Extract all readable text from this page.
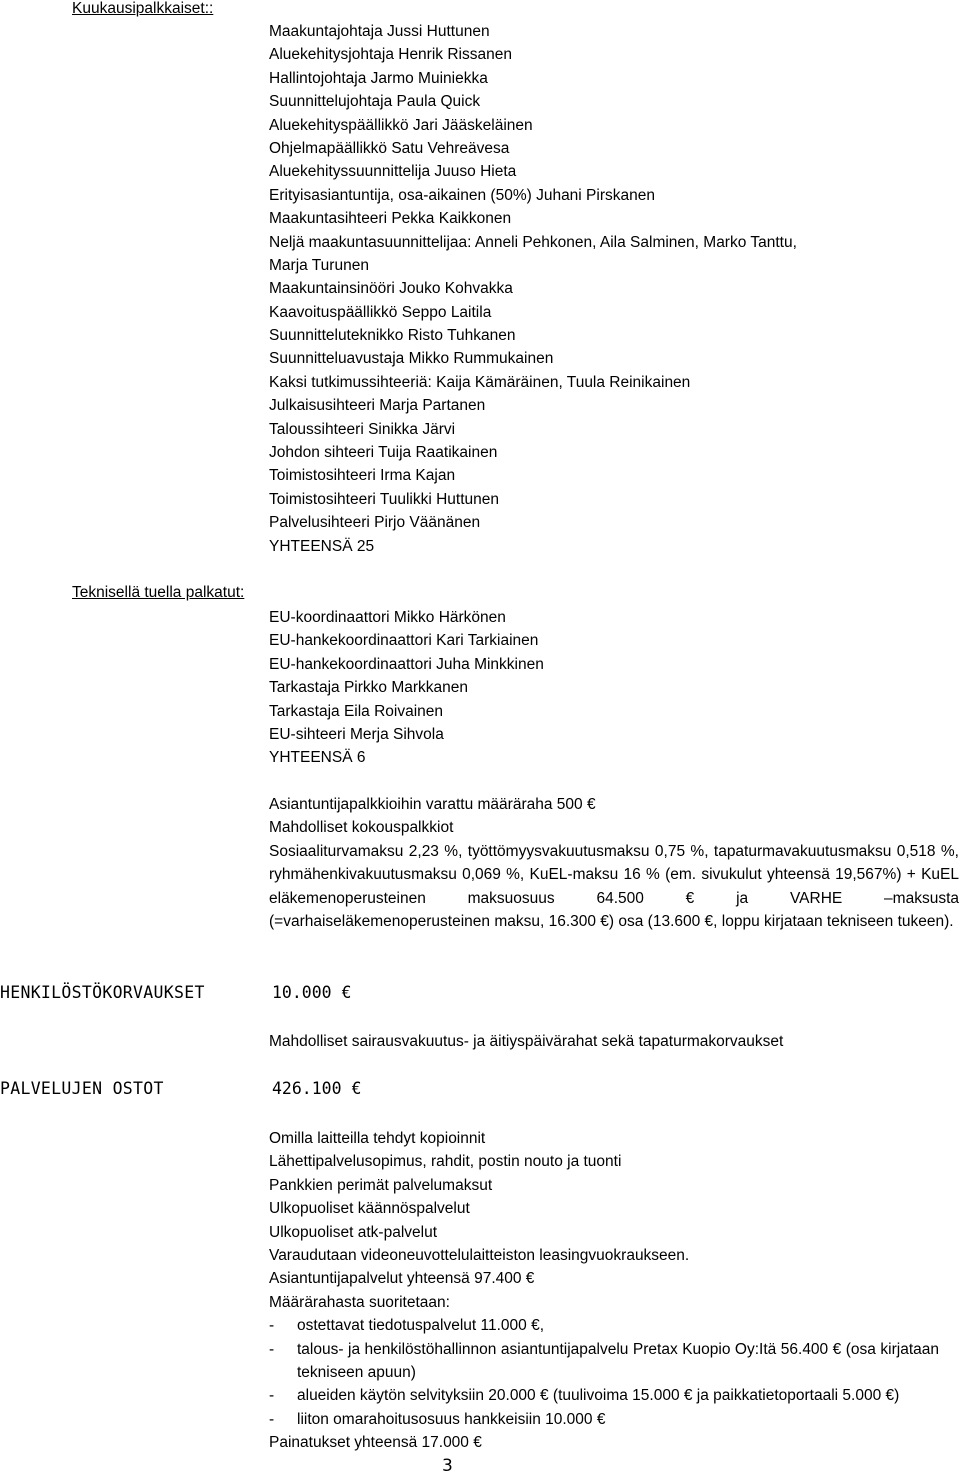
Kuukausipalkkaiset::
Maakuntajohtaja Jussi Huttunen
Aluekehitysjohtaja Henrik Rissanen
Hallintojohtaja Jarmo Muiniekka
Suunnittelujohtaja Paula Quick
Aluekehityspäällikkö Jari Jääskeläinen
Ohjelmapäällikkö Satu Vehreävesa
Aluekehityssuunnittelija Juuso Hieta
Erityisasiantuntija, osa-aikainen (50%) Juhani Pirskanen
Maakuntasihteeri Pekka Kaikkonen
Neljä maakuntasuunnittelijaa: Anneli Pehkonen, Aila Salminen, Marko Tanttu,
Marja Turunen
Maakuntainsinööri Jouko Kohvakka
Kaavoituspäällikkö Seppo Laitila
Suunnitteluteknikko Risto Tuhkanen
Suunnitteluavustaja Mikko Rummukainen
Kaksi tutkimussihteeriä: Kaija Kämäräinen, Tuula Reinikainen
Julkaisusihteeri Marja Partanen
Taloussihteeri Sinikka Järvi
Johdon sihteeri Tuija Raatikainen
Toimistosihteeri Irma Kajan
Toimistosihteeri Tuulikki Huttunen
Palvelusihteeri Pirjo Väänänen
YHTEENSÄ 25
Teknisellä tuella palkatut:
EU-koordinaattori Mikko Härkönen
EU-hankekoordinaattori Kari Tarkiainen
EU-hankekoordinaattori Juha Minkkinen
Tarkastaja Pirkko Markkanen
Tarkastaja Eila Roivainen
EU-sihteeri Merja Sihvola
YHTEENSÄ 6
Asiantuntijapalkkioihin varattu määräraha 500 €
Mahdolliset kokouspalkkiot
Sosiaaliturvamaksu 2,23 %, työttömyysvakuutusmaksu 0,75 %, tapaturmavakuutusmaksu 0,518 %, ryhmähenkivakuutusmaksu 0,069 %, KuEL-maksu 16 % (em. sivukulut yhteensä 19,567%) + KuEL eläkemenoperusteinen maksuosuus 64.500 € ja VARHE –maksusta (=varhaiseläkemenoperusteinen maksu, 16.300 €) osa (13.600 €, loppu kirjataan tekniseen tukeen).
HENKILÖSTÖKORVAUKSET	10.000 €
Mahdolliset sairausvakuutus- ja äitiyspäivärahat sekä tapaturmakorvaukset
PALVELUJEN OSTOT	426.100 €
Omilla laitteilla tehdyt kopioinnit
Lähettipalvelusopimus, rahdit, postin nouto ja tuonti
Pankkien perimät palvelumaksut
Ulkopuoliset käännöspalvelut
Ulkopuoliset atk-palvelut
Varaudutaan videoneuvottelulaitteiston leasingvuokraukseen.
Asiantuntijapalvelut yhteensä 97.400 €
Määrärahasta suoritetaan:
- ostettavat tiedotuspalvelut 11.000 €,
-	talous- ja henkilöstöhallinnon asiantuntijapalvelu Pretax Kuopio Oy:Itä 56.400 € (osa kirjataan tekniseen apuun)
- alueiden käytön selvityksiin 20.000 € (tuulivoima 15.000 € ja paikkatietoportaali 5.000 €)
- liiton omarahoitusosuus hankkeisiin 10.000 €
Painatukset yhteensä 17.000 €
3
